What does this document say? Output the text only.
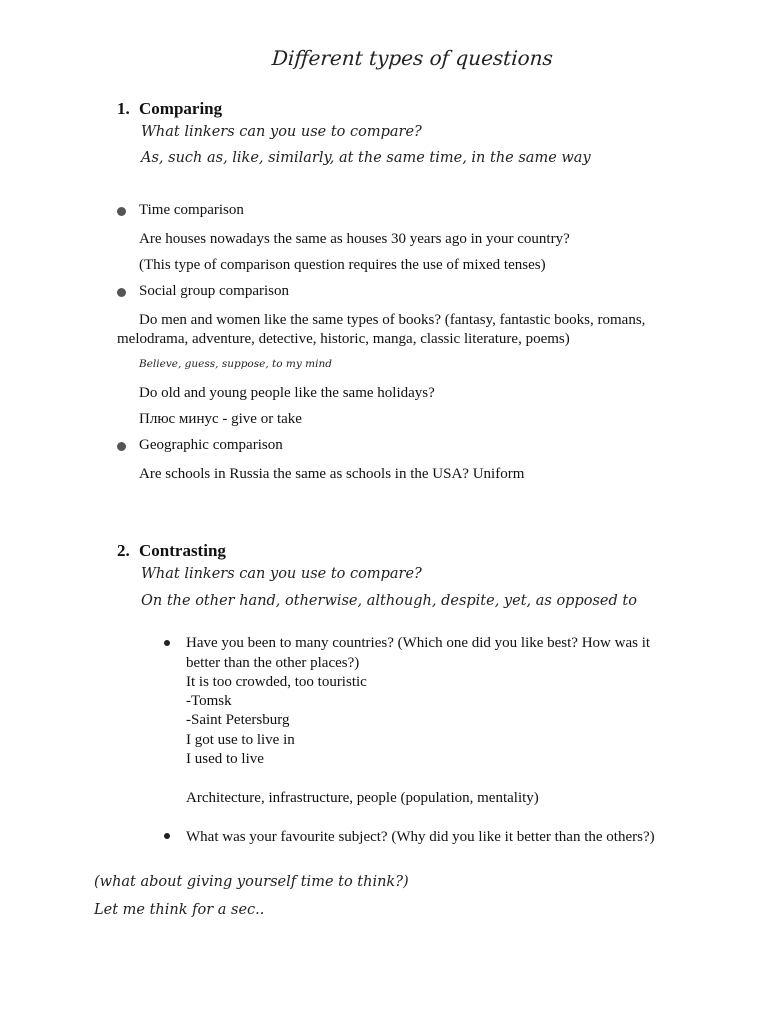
Different types of questions
1. Comparing
What linkers can you use to compare?
As, such as, like, similarly, at the same time, in the same way
Time comparison
Are houses nowadays the same as houses 30 years ago in your country?
(This type of comparison question requires the use of mixed tenses)
Social group comparison
Do men and women like the same types of books? (fantasy, fantastic books, romans,
melodrama, adventure, detective, historic, manga, classic literature, poems)
Believe, guess, suppose, to my mind
Do old and young people like the same holidays?
Плюс минус - give or take
Geographic comparison
Are schools in Russia the same as schools in the USA? Uniform
2. Contrasting
What linkers can you use to compare?
On the other hand, otherwise, although, despite, yet, as opposed to
Have you been to many countries? (Which one did you like best? How was it
better than the other places?)
It is too crowded, too touristic
-Tomsk
-Saint Petersburg
I got use to live in
I used to live
Architecture, infrastructure, people (population, mentality)
What was your favourite subject? (Why did you like it better than the others?)
(what about giving yourself time to think?)
Let me think for a sec..
